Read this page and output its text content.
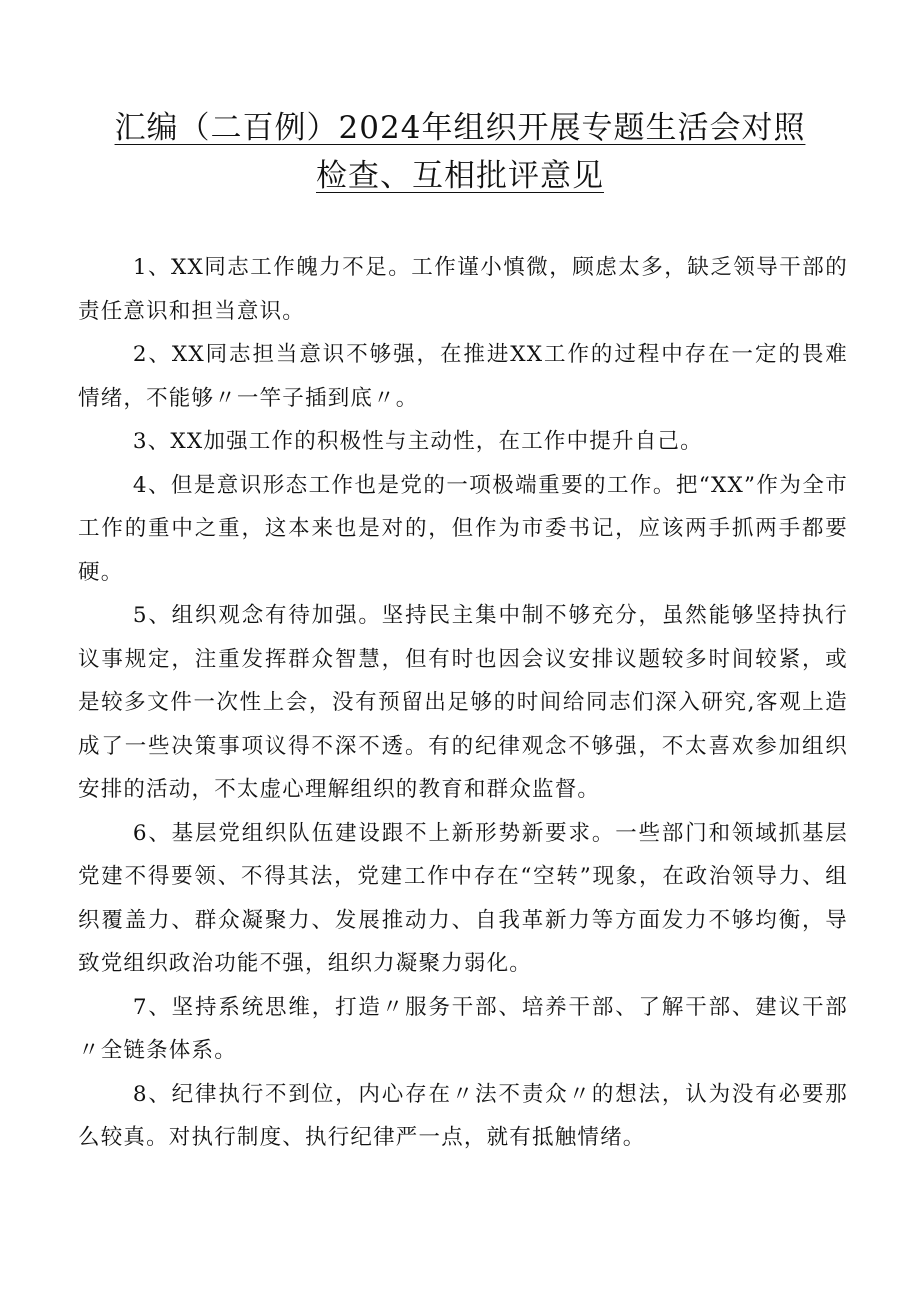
汇编（二百例）2024年组织开展专题生活会对照
检查、互相批评意见

1、XX同志工作魄力不足。工作谨小慎微，顾虑太多，缺乏领导干部的责任意识和担当意识。

2、XX同志担当意识不够强，在推进XX工作的过程中存在一定的畏难情绪，不能够〃一竿子插到底〃。

3、XX加强工作的积极性与主动性，在工作中提升自己。

4、但是意识形态工作也是党的一项极端重要的工作。把“XX”作为全市工作的重中之重，这本来也是对的，但作为市委书记，应该两手抓两手都要硬。

5、组织观念有待加强。坚持民主集中制不够充分，虽然能够坚持执行议事规定，注重发挥群众智慧，但有时也因会议安排议题较多时间较紧，或是较多文件一次性上会，没有预留出足够的时间给同志们深入研究,客观上造成了一些决策事项议得不深不透。有的纪律观念不够强，不太喜欢参加组织安排的活动，不太虚心理解组织的教育和群众监督。

6、基层党组织队伍建设跟不上新形势新要求。一些部门和领域抓基层党建不得要领、不得其法，党建工作中存在“空转”现象，在政治领导力、组织覆盖力、群众凝聚力、发展推动力、自我革新力等方面发力不够均衡，导致党组织政治功能不强，组织力凝聚力弱化。

7、坚持系统思维，打造〃服务干部、培养干部、了解干部、建议干部〃全链条体系。

8、纪律执行不到位，内心存在〃法不责众〃的想法，认为没有必要那么较真。对执行制度、执行纪律严一点，就有抵触情绪。
